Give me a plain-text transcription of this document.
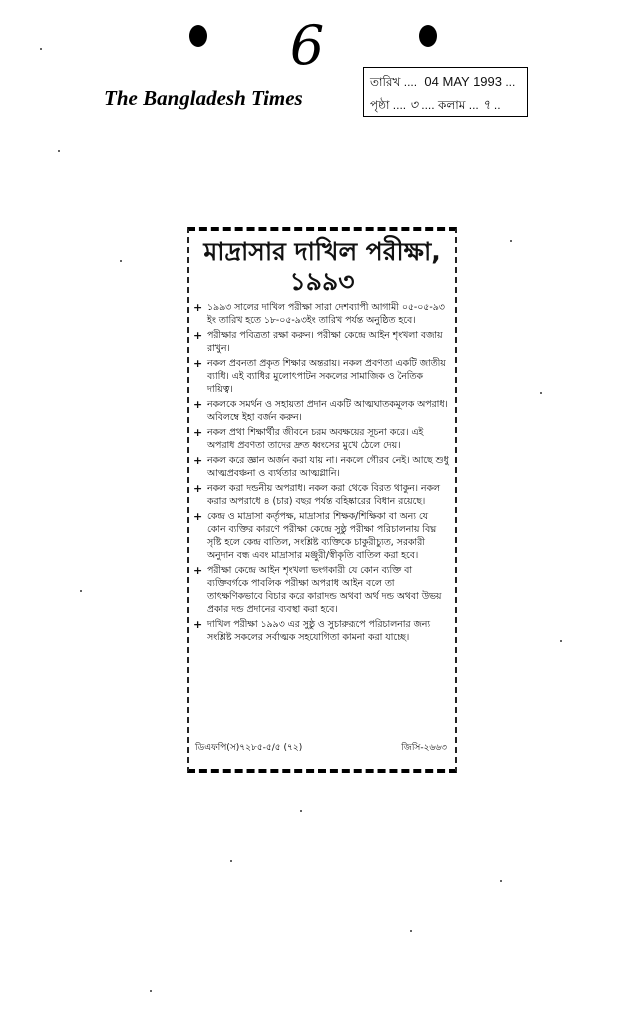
6
The Bangladesh Times
তারিখ .... 04 MAY 1993 ...
পৃষ্ঠা .... ৩ .... কলাম ... ৭ ..
মাদ্রাসার দাখিল পরীক্ষা,
১৯৯৩
+ ১৯৯৩ সালের দাখিল পরীক্ষা সারা দেশব্যাপী আগামী ০৫-০৫-৯৩ ইং তারিখ হতে ১৮-০৫-৯৩ইং তারিখ পর্যন্ত অনুষ্ঠিত হবে।
+ পরীক্ষার পবিত্রতা রক্ষা করুন। পরীক্ষা কেন্দ্রে আইন শৃংখলা বজায় রাখুন।
+ নকল প্রবনতা প্রকৃত শিক্ষার অন্তরায়। নকল প্রবণতা একটি জাতীয় ব্যাধি। এই ব্যাধির মুলোৎপাটন সকলের সামাজিক ও নৈতিক দায়িত্ব।
+ নকলকে সমর্থন ও সহায়তা প্রদান একটি আত্মঘাতকমূলক অপরাধ। অবিলম্বে ইহা বর্জন করুন।
+ নকল প্রথা শিক্ষার্থীর জীবনে চরম অবক্ষয়ের সূচনা করে। এই অপরাধ প্রবণতা তাদের দ্রুত ধ্বংসের মুখে ঠেলে দেয়।
+ নকল করে জ্ঞান অর্জন করা যায় না। নকলে গৌরব নেই। আছে শুধু আত্মপ্রবঞ্চনা ও ব্যর্থতার আত্মগ্লানি।
+ নকল করা দন্ডনীয় অপরাধ। নকল করা থেকে বিরত থাকুন। নকল করার অপরাধে ৪ (চার) বছর পর্যন্ত বহিষ্কারের বিধান রয়েছে।
+ কেন্দ্র ও মাদ্রাসা কর্তৃপক্ষ, মাদ্রাসার শিক্ষক/শিক্ষিকা বা অন্য যে কোন ব্যক্তির কারণে পরীক্ষা কেন্দ্রে সুষ্ঠু পরীক্ষা পরিচালনায় বিঘ্ন সৃষ্টি হলে কেন্দ্র বাতিল, সংশ্লিষ্ট ব্যক্তিকে চাকুরীচ্যুত, সরকারী অনুদান বন্ধ এবং মাদ্রাসার মঞ্জুরী/স্বীকৃতি বাতিল করা হবে।
+ পরীক্ষা কেন্দ্রে আইন শৃংখলা ভংগকারী যে কোন ব্যক্তি বা ব্যক্তিবর্গকে পাবলিক পরীক্ষা অপরাধ আইন বলে তা তাৎক্ষণিকভাবে বিচার করে কারাদন্ড অথবা অর্থ দন্ড অথবা উভয় প্রকার দন্ড প্রদানের ব্যবস্থা করা হবে।
+ দাখিল পরীক্ষা ১৯৯৩ এর সুষ্ঠু ও সুচারুরূপে পরিচালনার জন্য সংশ্লিষ্ট সকলের সর্বাত্মক সহযোগিতা কামনা করা যাচ্ছে।
ডিএফপি(স)৭২৮৫-৫/৫ (৭২)	জিসি-২৬৬৩
